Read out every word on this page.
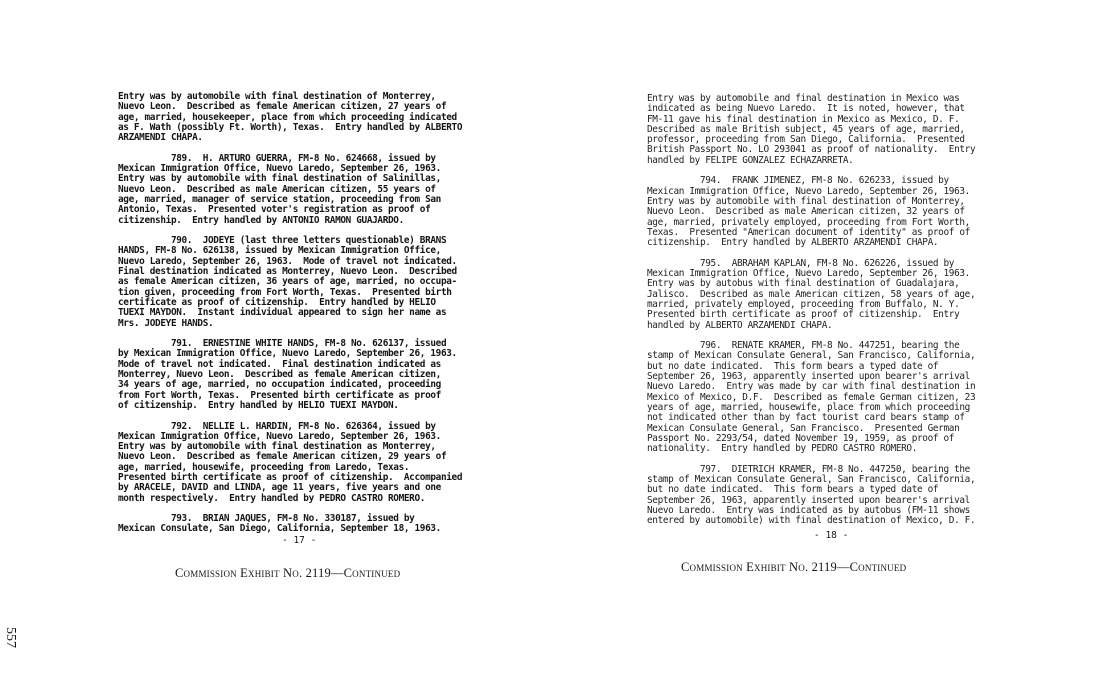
Entry was by automobile with final destination of Monterrey,
Nuevo Leon.  Described as female American citizen, 27 years of
age, married, housekeeper, place from which proceeding indicated
as F. Wath (possibly Ft. Worth), Texas.  Entry handled by ALBERTO
ARZAMENDI CHAPA.

789.  H. ARTURO GUERRA, FM-8 No. 624668, issued by
Mexican Immigration Office, Nuevo Laredo, September 26, 1963.
Entry was by automobile with final destination of Salinillas,
Nuevo Leon.  Described as male American citizen, 55 years of
age, married, manager of service station, proceeding from San
Antonio, Texas.  Presented voter's registration as proof of
citizenship.  Entry handled by ANTONIO RAMON GUAJARDO.

790.  JODEYE (last three letters questionable) BRANS
HANDS, FM-8 No. 626138, issued by Mexican Immigration Office,
Nuevo Laredo, September 26, 1963.  Mode of travel not indicated.
Final destination indicated as Monterrey, Nuevo Leon.  Described
as female American citizen, 36 years of age, married, no occupa-
tion given, proceeding from Fort Worth, Texas.  Presented birth
certificate as proof of citizenship.  Entry handled by HELIO
TUEXI MAYDON.  Instant individual appeared to sign her name as
Mrs. JODEYE HANDS.

791.  ERNESTINE WHITE HANDS, FM-8 No. 626137, issued
by Mexican Immigration Office, Nuevo Laredo, September 26, 1963.
Mode of travel not indicated.  Final destination indicated as
Monterrey, Nuevo Leon.  Described as female American citizen,
34 years of age, married, no occupation indicated, proceeding
from Fort Worth, Texas.  Presented birth certificate as proof
of citizenship.  Entry handled by HELIO TUEXI MAYDON.

792.  NELLIE L. HARDIN, FM-8 No. 626364, issued by
Mexican Immigration Office, Nuevo Laredo, September 26, 1963.
Entry was by automobile with final destination as Monterrey,
Nuevo Leon.  Described as female American citizen, 29 years of
age, married, housewife, proceeding from Laredo, Texas.
Presented birth certificate as proof of citizenship.  Accompanied
by ARACELE, DAVID and LINDA, age 11 years, five years and one
month respectively.  Entry handled by PEDRO CASTRO ROMERO.

793.  BRIAN JAQUES, FM-8 No. 330187, issued by
Mexican Consulate, San Diego, California, September 18, 1963.
- 17 -
Commission Exhibit No. 2119—Continued
Entry was by automobile and final destination in Mexico was
indicated as being Nuevo Laredo.  It is noted, however, that
FM-11 gave his final destination in Mexico as Mexico, D. F.
Described as male British subject, 45 years of age, married,
professor, proceeding from San Diego, California.  Presented
British Passport No. LO 293041 as proof of nationality.  Entry
handled by FELIPE GONZALEZ ECHAZARRETA.

794.  FRANK JIMENEZ, FM-8 No. 626233, issued by
Mexican Immigration Office, Nuevo Laredo, September 26, 1963.
Entry was by automobile with final destination of Monterrey,
Nuevo Leon.  Described as male American citizen, 32 years of
age, married, privately employed, proceeding from Fort Worth,
Texas.  Presented "American document of identity" as proof of
citizenship.  Entry handled by ALBERTO ARZAMENDI CHAPA.

795.  ABRAHAM KAPLAN, FM-8 No. 626226, issued by
Mexican Immigration Office, Nuevo Laredo, September 26, 1963.
Entry was by autobus with final destination of Guadalajara,
Jalisco.  Described as male American citizen, 58 years of age,
married, privately employed, proceeding from Buffalo, N. Y.
Presented birth certificate as proof of citizenship.  Entry
handled by ALBERTO ARZAMENDI CHAPA.

796.  RENATE KRAMER, FM-8 No. 447251, bearing the
stamp of Mexican Consulate General, San Francisco, California,
but no date indicated.  This form bears a typed date of
September 26, 1963, apparently inserted upon bearer's arrival
Nuevo Laredo.  Entry was made by car with final destination in
Mexico of Mexico, D.F.  Described as female German citizen, 23
years of age, married, housewife, place from which proceeding
not indicated other than by fact tourist card bears stamp of
Mexican Consulate General, San Francisco.  Presented German
Passport No. 2293/54, dated November 19, 1959, as proof of
nationality.  Entry handled by PEDRO CASTRO ROMERO.

797.  DIETRICH KRAMER, FM-8 No. 447250, bearing the
stamp of Mexican Consulate General, San Francisco, California,
but no date indicated.  This form bears a typed date of
September 26, 1963, apparently inserted upon bearer's arrival
Nuevo Laredo.  Entry was indicated as by autobus (FM-11 shows
entered by automobile) with final destination of Mexico, D. F.
- 18 -
Commission Exhibit No. 2119—Continued
557
